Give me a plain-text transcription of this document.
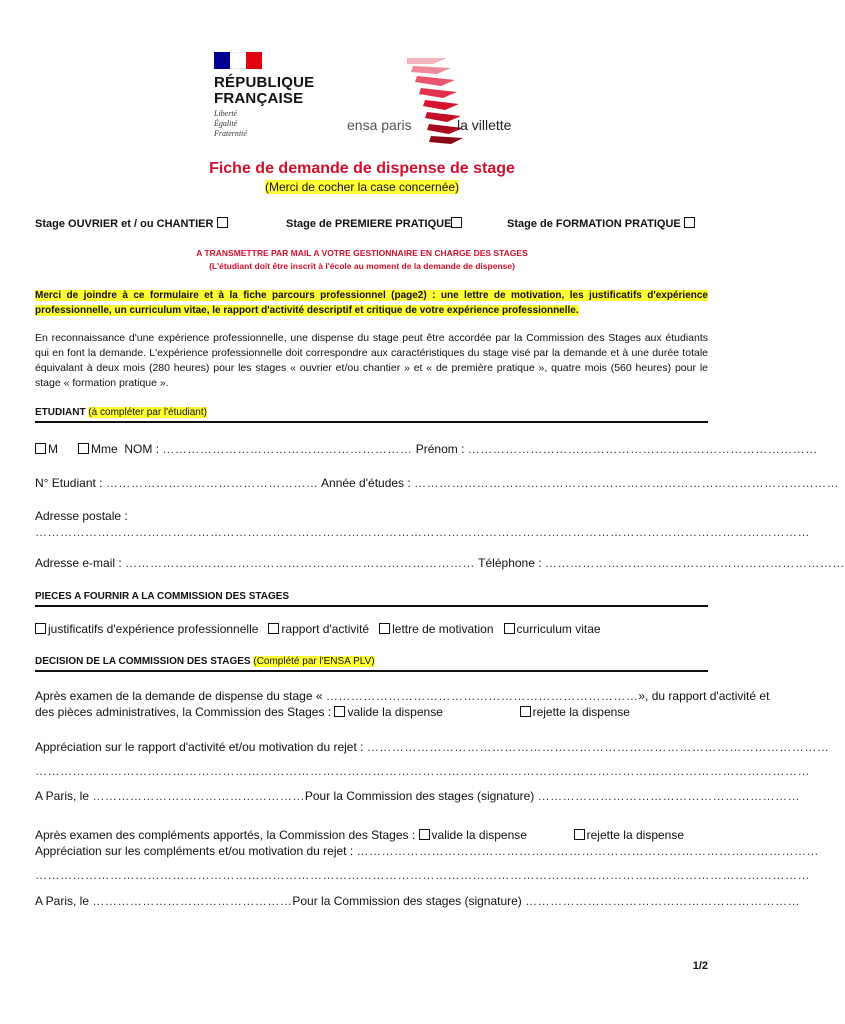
RÉPUBLIQUE
FRANÇAISE
Liberté
Égalité
Fraternité
ensa paris	la villette
Fiche de demande de dispense de stage
(Merci de cocher la case concernée)
Stage OUVRIER et / ou CHANTIER	Stage de PREMIERE PRATIQUE	Stage de FORMATION PRATIQUE
A TRANSMETTRE PAR MAIL A VOTRE GESTIONNAIRE EN CHARGE DES STAGES
(L'étudiant doit être inscrit à l'école au moment de la demande de dispense)
Merci de joindre à ce formulaire et à la fiche parcours professionnel (page2) : une lettre de motivation, les justificatifs d'expérience professionnelle, un curriculum vitae, le rapport d'activité descriptif et critique de votre expérience professionnelle.
En reconnaissance d'une expérience professionnelle, une dispense du stage peut être accordée par la Commission des Stages aux étudiants qui en font la demande. L'expérience professionnelle doit correspondre aux caractéristiques du stage visé par la demande et à une durée totale équivalant à deux mois (280 heures) pour les stages « ouvrier et/ou chantier » et « de première pratique », quatre mois (560 heures) pour le stage « formation pratique ».
ETUDIANT (à compléter par l'étudiant)
M	Mme NOM : …………………………………………………… Prénom : …………………………………………………………………………
N° Etudiant : …………………………………………… Année d'études : …………………………………………………………………………………………
Adresse postale :
……………………………………………………………………………………………………………………………………………………………………
Adresse e-mail : ………………………………………………………………………… Téléphone : ………………………………………………………………
PIECES A FOURNIR A LA COMMISSION DES STAGES
justificatifs d'expérience professionnelle rapport d'activité lettre de motivation curriculum vitae
DECISION DE LA COMMISSION DES STAGES (Complété par l'ENSA PLV)
Après examen de la demande de dispense du stage « …………………………………………………………………», du rapport d'activité et
des pièces administratives, la Commission des Stages : valide la dispense	rejette la dispense
Appréciation sur le rapport d'activité et/ou motivation du rejet : …………………………………………………………………………………………………
……………………………………………………………………………………………………………………………………………………………………
A Paris, le ……………………………………………Pour la Commission des stages (signature) ………………………………………………………
Après examen des compléments apportés, la Commission des Stages : valide la dispense	rejette la dispense
Appréciation sur les compléments et/ou motivation du rejet : …………………………………………………………………………………………………
……………………………………………………………………………………………………………………………………………………………………
A Paris, le …………………………………………Pour la Commission des stages (signature) …………………………………………………………
1/2
